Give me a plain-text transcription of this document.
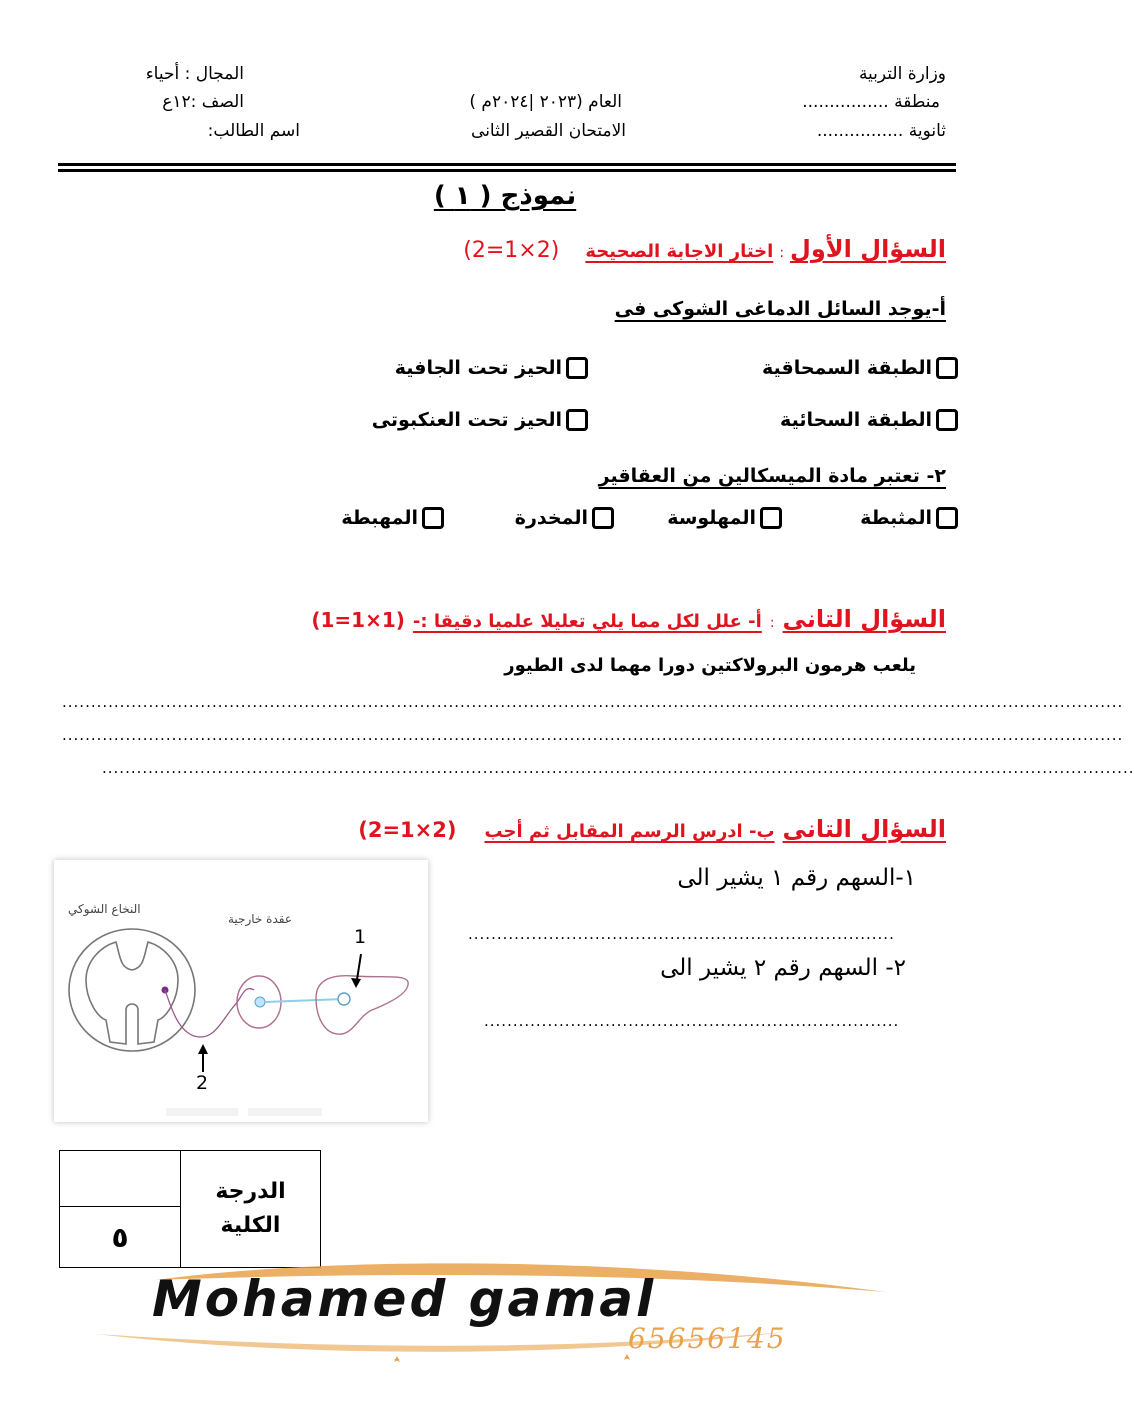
وزارة التربية
منطقة ................
ثانوية ................
العام (٢٠٢٣ |٢٠٢٤م )
الامتحان القصير الثانى
المجال : أحياء
الصف :١٢ع
اسم الطالب:
نموذج ( ١ )
السؤال الأول
:
اختار الاجابة الصحيحة
(2=1×2)
أ-يوجد السائل الدماغى الشوكى فى
الطبقة السمحاقية
الحيز تحت الجافية
الطبقة السحائية
الحيز تحت العنكبوتى
٢- تعتبر مادة الميسكالين من العقاقير
المثبطة
المهلوسة
المخدرة
المهبطة
السؤال التانى
:
أ- علل لكل مما يلي تعليلا علميا دقيقا :-
(1=1×1)
يلعب هرمون البرولاكتين دورا مهما لدى الطيور
........................................................................................................................................................................................
........................................................................................................................................................................................
...................................................................................................................................................................................
السؤال التانى
ب- ادرس الرسم المقابل ثم أجب
(2=1×2)
١-السهم رقم ١ يشير الى
..........................................................................
٢- السهم رقم ٢ يشير الى
........................................................................
النخاع الشوكي
عقدة خارجية
1
2

الدرجة
الكلية

٥
Mohamed gamal
65656145
